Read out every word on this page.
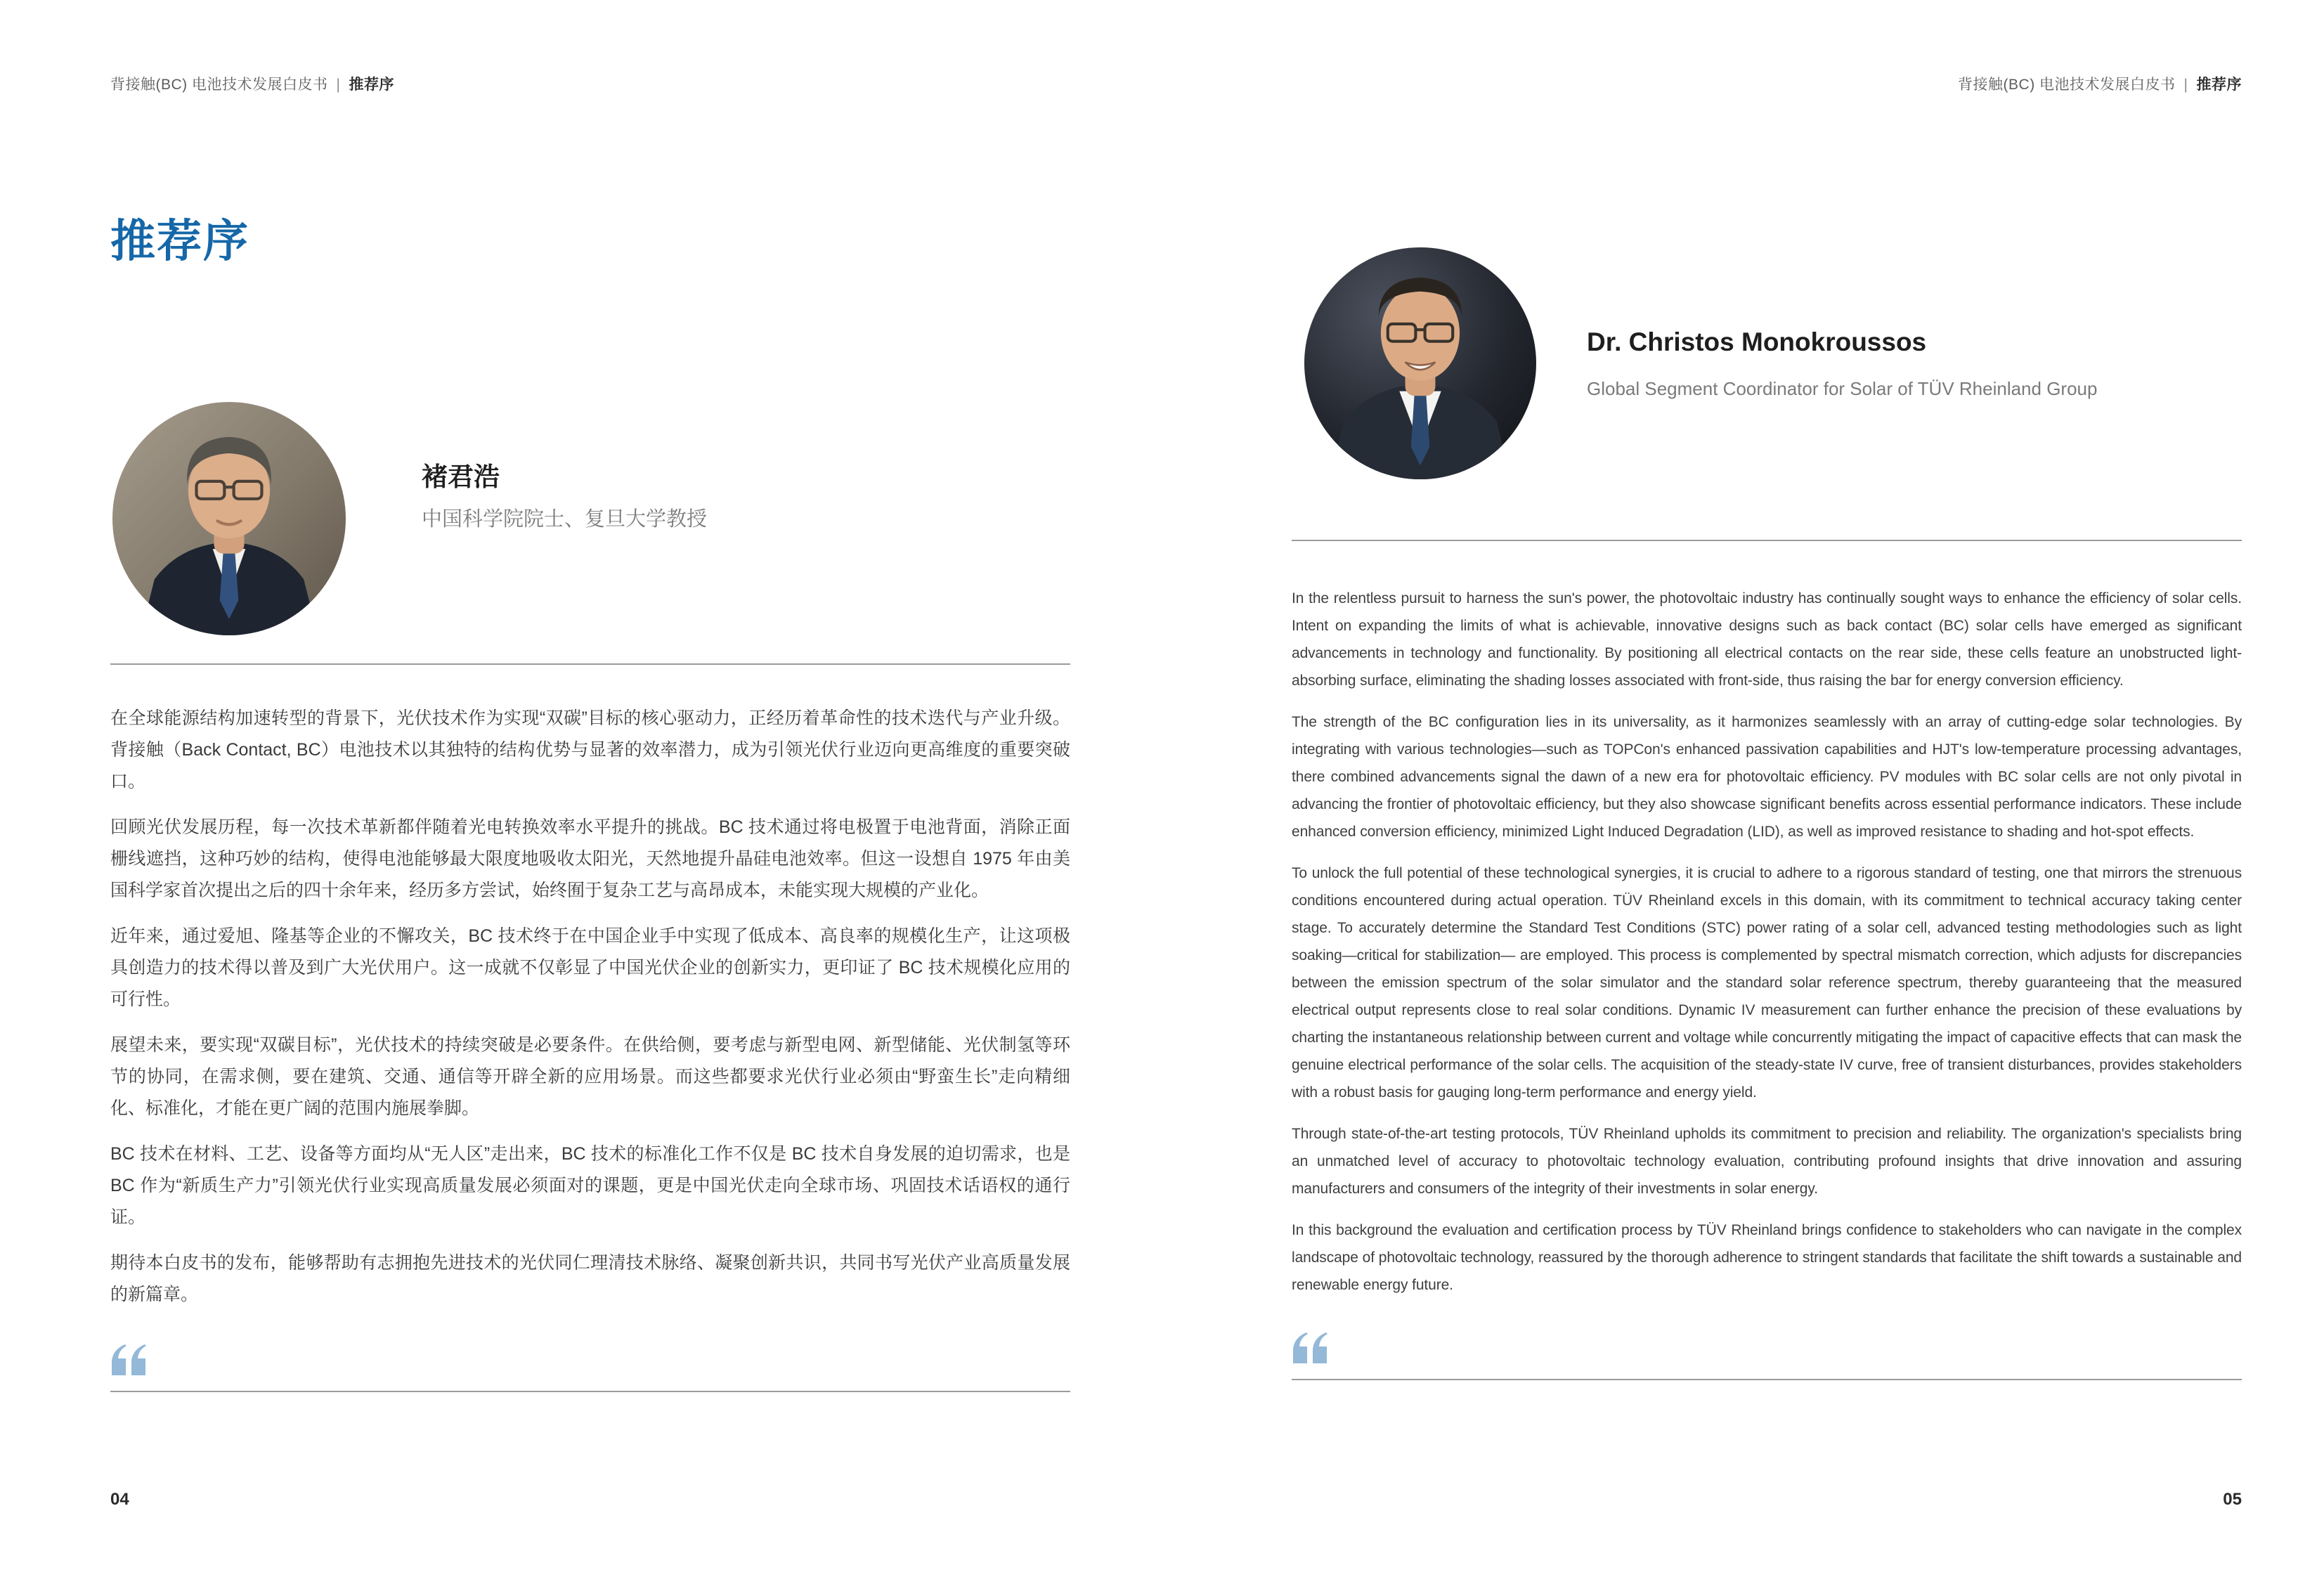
背接触(BC) 电池技术发展白皮书 | 推荐序
推荐序
褚君浩
中国科学院院士、复旦大学教授

在全球能源结构加速转型的背景下，光伏技术作为实现“双碳”目标的核心驱动力，正经历着革命性的技术迭代与产业升级。背接触（Back Contact, BC）电池技术以其独特的结构优势与显著的效率潜力，成为引领光伏行业迈向更高维度的重要突破口。

回顾光伏发展历程，每一次技术革新都伴随着光电转换效率水平提升的挑战。BC 技术通过将电极置于电池背面，消除正面栅线遮挡，这种巧妙的结构，使得电池能够最大限度地吸收太阳光，天然地提升晶硅电池效率。但这一设想自 1975 年由美国科学家首次提出之后的四十余年来，经历多方尝试，始终囿于复杂工艺与高昂成本，未能实现大规模的产业化。

近年来，通过爱旭、隆基等企业的不懈攻关，BC 技术终于在中国企业手中实现了低成本、高良率的规模化生产，让这项极具创造力的技术得以普及到广大光伏用户。这一成就不仅彰显了中国光伏企业的创新实力，更印证了 BC 技术规模化应用的可行性。

展望未来，要实现“双碳目标”，光伏技术的持续突破是必要条件。在供给侧，要考虑与新型电网、新型储能、光伏制氢等环节的协同，在需求侧，要在建筑、交通、通信等开辟全新的应用场景。而这些都要求光伏行业必须由“野蛮生长”走向精细化、标准化，才能在更广阔的范围内施展拳脚。

BC 技术在材料、工艺、设备等方面均从“无人区”走出来，BC 技术的标准化工作不仅是 BC 技术自身发展的迫切需求，也是 BC 作为“新质生产力”引领光伏行业实现高质量发展必须面对的课题，更是中国光伏走向全球市场、巩固技术话语权的通行证。

期待本白皮书的发布，能够帮助有志拥抱先进技术的光伏同仁理清技术脉络、凝聚创新共识，共同书写光伏产业高质量发展的新篇章。

04
背接触(BC) 电池技术发展白皮书 | 推荐序
Dr. Christos Monokroussos
Global Segment Coordinator for Solar of TÜV Rheinland Group

In the relentless pursuit to harness the sun's power, the photovoltaic industry has continually sought ways to enhance the efficiency of solar cells. Intent on expanding the limits of what is achievable, innovative designs such as back contact (BC) solar cells have emerged as significant advancements in technology and functionality. By positioning all electrical contacts on the rear side, these cells feature an unobstructed light-absorbing surface, eliminating the shading losses associated with front-side, thus raising the bar for energy conversion efficiency.

The strength of the BC configuration lies in its universality, as it harmonizes seamlessly with an array of cutting-edge solar technologies. By integrating with various technologies—such as TOPCon's enhanced passivation capabilities and HJT's low-temperature processing advantages, there combined advancements signal the dawn of a new era for photovoltaic efficiency. PV modules with BC solar cells are not only pivotal in advancing the frontier of photovoltaic efficiency, but they also showcase significant benefits across essential performance indicators. These include enhanced conversion efficiency, minimized Light Induced Degradation (LID), as well as improved resistance to shading and hot-spot effects.

To unlock the full potential of these technological synergies, it is crucial to adhere to a rigorous standard of testing, one that mirrors the strenuous conditions encountered during actual operation. TÜV Rheinland excels in this domain, with its commitment to technical accuracy taking center stage. To accurately determine the Standard Test Conditions (STC) power rating of a solar cell, advanced testing methodologies such as light soaking—critical for stabilization— are employed. This process is complemented by spectral mismatch correction, which adjusts for discrepancies between the emission spectrum of the solar simulator and the standard solar reference spectrum, thereby guaranteeing that the measured electrical output represents close to real solar conditions. Dynamic IV measurement can further enhance the precision of these evaluations by charting the instantaneous relationship between current and voltage while concurrently mitigating the impact of capacitive effects that can mask the genuine electrical performance of the solar cells. The acquisition of the steady-state IV curve, free of transient disturbances, provides stakeholders with a robust basis for gauging long-term performance and energy yield.

Through state-of-the-art testing protocols, TÜV Rheinland upholds its commitment to precision and reliability. The organization's specialists bring an unmatched level of accuracy to photovoltaic technology evaluation, contributing profound insights that drive innovation and assuring manufacturers and consumers of the integrity of their investments in solar energy.

In this background the evaluation and certification process by TÜV Rheinland brings confidence to stakeholders who can navigate in the complex landscape of photovoltaic technology, reassured by the thorough adherence to stringent standards that facilitate the shift towards a sustainable and renewable energy future.

05
